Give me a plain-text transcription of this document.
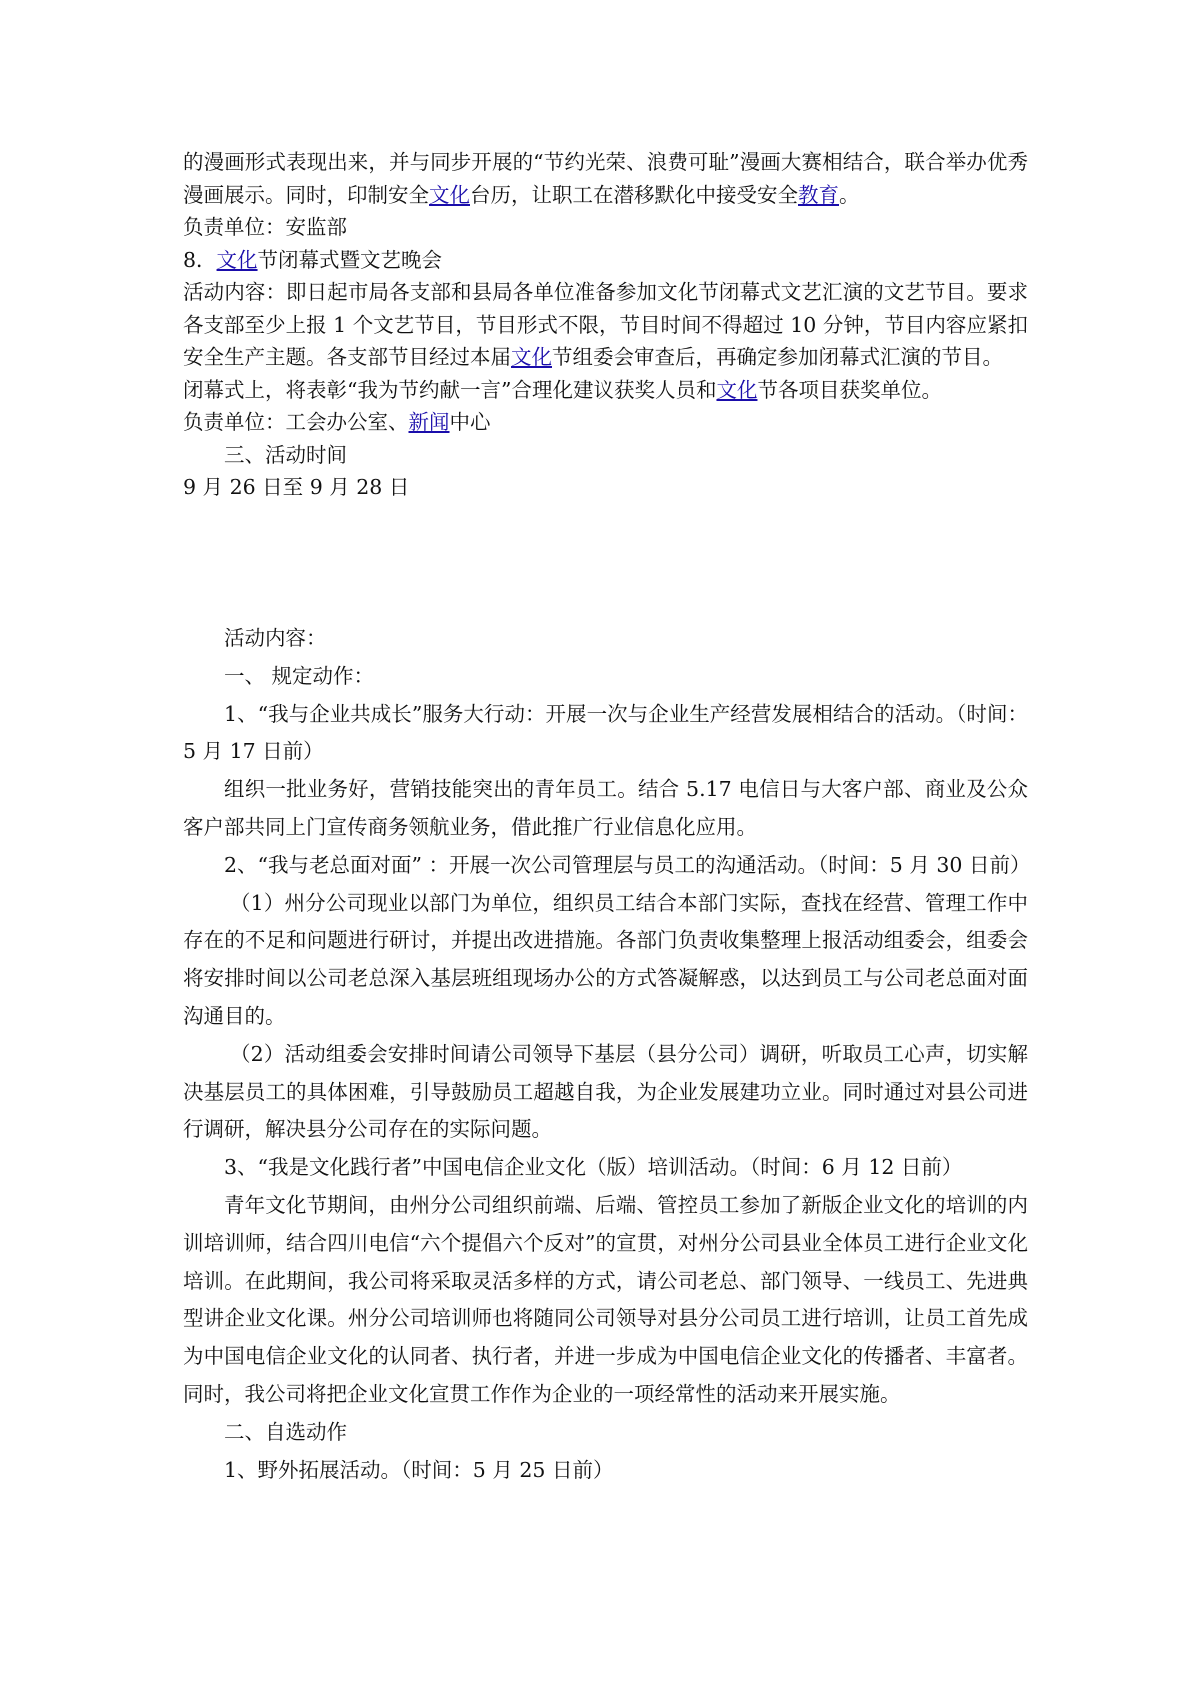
的漫画形式表现出来，并与同步开展的“节约光荣、浪费可耻”漫画大赛相结合，联合举办优秀漫画展示。同时，印制安全文化台历，让职工在潜移默化中接受安全教育。

负责单位：安监部

8．文化节闭幕式暨文艺晚会

活动内容：即日起市局各支部和县局各单位准备参加文化节闭幕式文艺汇演的文艺节目。要求各支部至少上报 1 个文艺节目，节目形式不限，节目时间不得超过 10 分钟，节目内容应紧扣安全生产主题。各支部节目经过本届文化节组委会审查后，再确定参加闭幕式汇演的节目。

闭幕式上，将表彰“我为节约献一言”合理化建议获奖人员和文化节各项目获奖单位。

负责单位：工会办公室、新闻中心

三、活动时间

9 月 26 日至 9 月 28 日

活动内容：

一、 规定动作：

1、“我与企业共成长”服务大行动：开展一次与企业生产经营发展相结合的活动。（时间：5 月 17 日前）

组织一批业务好，营销技能突出的青年员工。结合 5.17 电信日与大客户部、商业及公众客户部共同上门宣传商务领航业务，借此推广行业信息化应用。

2、“我与老总面对面” ：开展一次公司管理层与员工的沟通活动。（时间：5 月 30 日前）

（1）州分公司现业以部门为单位，组织员工结合本部门实际，查找在经营、管理工作中存在的不足和问题进行研讨，并提出改进措施。各部门负责收集整理上报活动组委会，组委会将安排时间以公司老总深入基层班组现场办公的方式答凝解惑，以达到员工与公司老总面对面沟通目的。

（2）活动组委会安排时间请公司领导下基层（县分公司）调研，听取员工心声，切实解决基层员工的具体困难，引导鼓励员工超越自我，为企业发展建功立业。同时通过对县公司进行调研，解决县分公司存在的实际问题。

3、“我是文化践行者”中国电信企业文化（版）培训活动。（时间：6 月 12 日前）

青年文化节期间，由州分公司组织前端、后端、管控员工参加了新版企业文化的培训的内训培训师，结合四川电信“六个提倡六个反对”的宣贯，对州分公司县业全体员工进行企业文化培训。在此期间，我公司将采取灵活多样的方式，请公司老总、部门领导、一线员工、先进典型讲企业文化课。州分公司培训师也将随同公司领导对县分公司员工进行培训，让员工首先成为中国电信企业文化的认同者、执行者，并进一步成为中国电信企业文化的传播者、丰富者。 同时，我公司将把企业文化宣贯工作作为企业的一项经常性的活动来开展实施。

二、自选动作

1、野外拓展活动。（时间：5 月 25 日前）
